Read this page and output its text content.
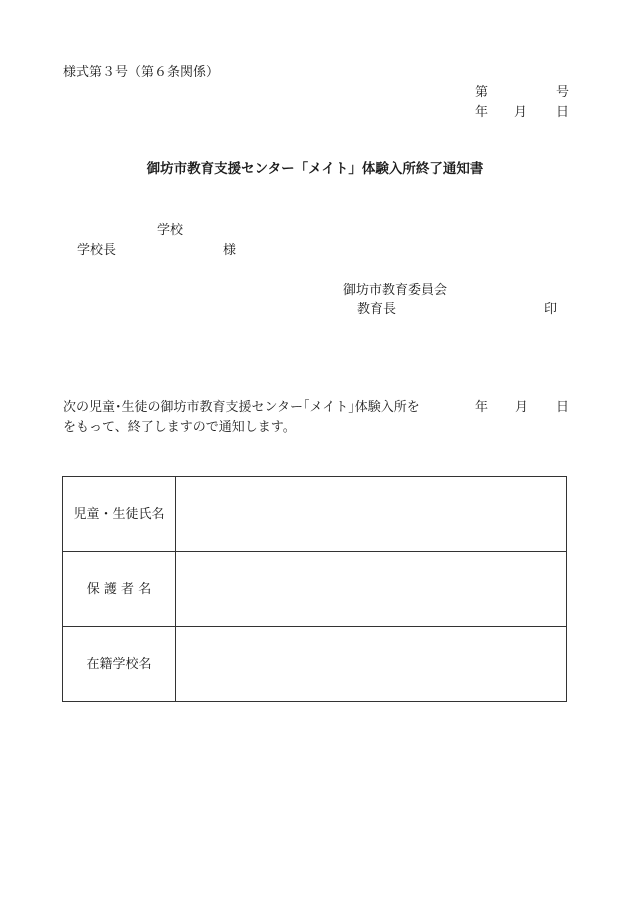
様式第３号（第６条関係）
第	号
年 月 日
御坊市教育支援センター「メイト」体験入所終了通知書
学校
学校長	様
御坊市教育委員会
教育長	印
次の児童･生徒の御坊市教育支援センター｢メイト｣体験入所を	年 月 日
をもって、終了しますので通知します。
児童・生徒氏名	
保 護 者 名	
在籍学校名	
